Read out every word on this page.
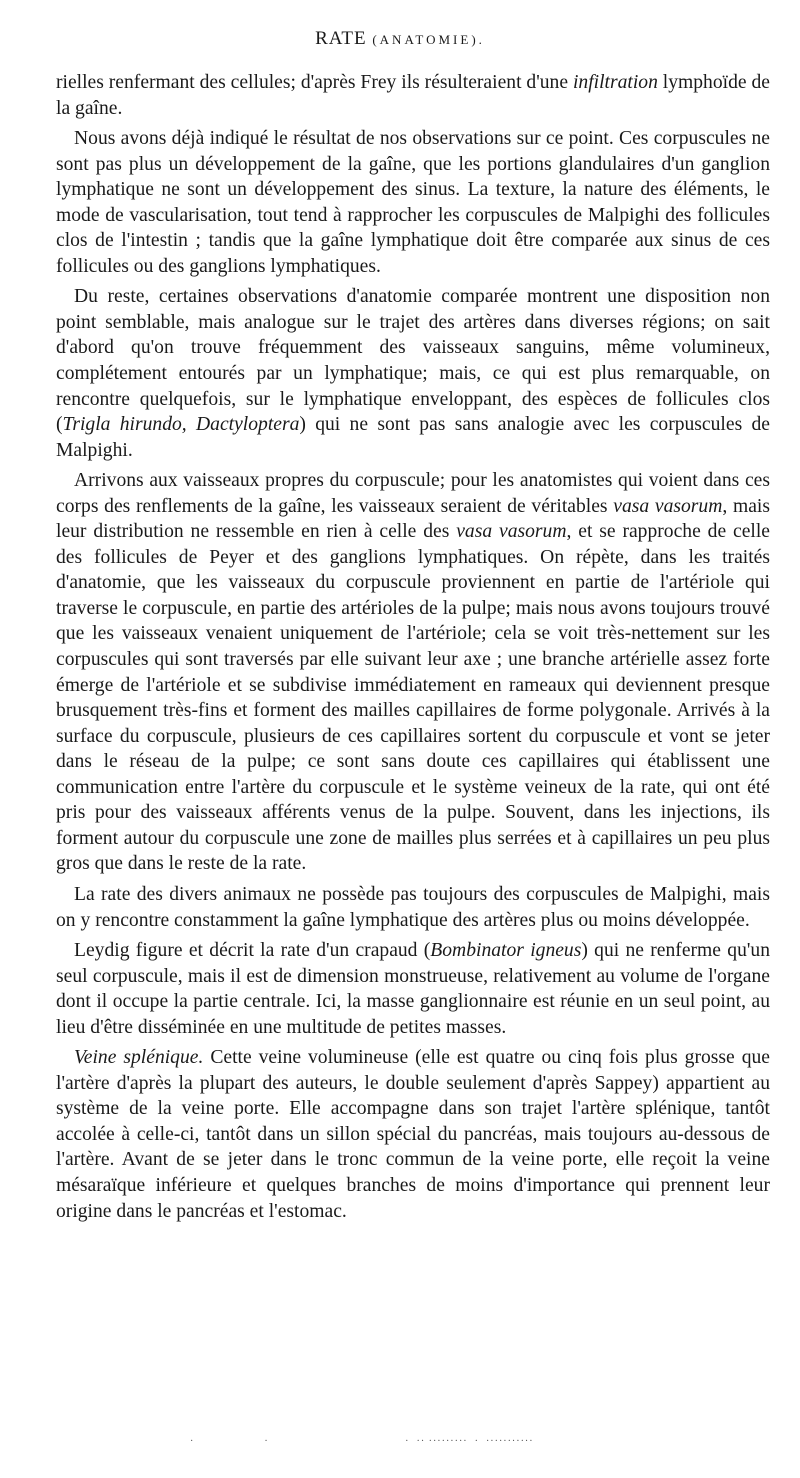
RATE (ANATOMIE).

rielles renfermant des cellules; d'après Frey ils résulteraient d'une infiltration lymphoïde de la gaîne.

Nous avons déjà indiqué le résultat de nos observations sur ce point. Ces corpuscules ne sont pas plus un développement de la gaîne, que les portions glandulaires d'un ganglion lymphatique ne sont un développement des sinus. La texture, la nature des éléments, le mode de vascularisation, tout tend à rapprocher les corpuscules de Malpighi des follicules clos de l'intestin ; tandis que la gaîne lymphatique doit être comparée aux sinus de ces follicules ou des ganglions lymphatiques.

Du reste, certaines observations d'anatomie comparée montrent une disposition non point semblable, mais analogue sur le trajet des artères dans diverses régions; on sait d'abord qu'on trouve fréquemment des vaisseaux sanguins, même volumineux, complétement entourés par un lymphatique; mais, ce qui est plus remarquable, on rencontre quelquefois, sur le lymphatique enveloppant, des espèces de follicules clos (Trigla hirundo, Dactyloptera) qui ne sont pas sans analogie avec les corpuscules de Malpighi.

Arrivons aux vaisseaux propres du corpuscule; pour les anatomistes qui voient dans ces corps des renflements de la gaîne, les vaisseaux seraient de véritables vasa vasorum, mais leur distribution ne ressemble en rien à celle des vasa vasorum, et se rapproche de celle des follicules de Peyer et des ganglions lymphatiques. On répète, dans les traités d'anatomie, que les vaisseaux du corpuscule proviennent en partie de l'artériole qui traverse le corpuscule, en partie des artérioles de la pulpe; mais nous avons toujours trouvé que les vaisseaux venaient uniquement de l'artériole; cela se voit très-nettement sur les corpuscules qui sont traversés par elle suivant leur axe ; une branche artérielle assez forte émerge de l'artériole et se subdivise immédiatement en rameaux qui deviennent presque brusquement très-fins et forment des mailles capillaires de forme polygonale. Arrivés à la surface du corpuscule, plusieurs de ces capillaires sortent du corpuscule et vont se jeter dans le réseau de la pulpe; ce sont sans doute ces capillaires qui établissent une communication entre l'artère du corpuscule et le système veineux de la rate, qui ont été pris pour des vaisseaux afférents venus de la pulpe. Souvent, dans les injections, ils forment autour du corpuscule une zone de mailles plus serrées et à capillaires un peu plus gros que dans le reste de la rate.

La rate des divers animaux ne possède pas toujours des corpuscules de Malpighi, mais on y rencontre constamment la gaîne lymphatique des artères plus ou moins développée.

Leydig figure et décrit la rate d'un crapaud (Bombinator igneus) qui ne renferme qu'un seul corpuscule, mais il est de dimension monstrueuse, relativement au volume de l'organe dont il occupe la partie centrale. Ici, la masse ganglionnaire est réunie en un seul point, au lieu d'être disséminée en une multitude de petites masses.

Veine splénique. Cette veine volumineuse (elle est quatre ou cinq fois plus grosse que l'artère d'après la plupart des auteurs, le double seulement d'après Sappey) appartient au système de la veine porte. Elle accompagne dans son trajet l'artère splénique, tantôt accolée à celle-ci, tantôt dans un sillon spécial du pancréas, mais toujours au-dessous de l'artère. Avant de se jeter dans le tronc commun de la veine porte, elle reçoit la veine mésaraïque inférieure et quelques branches de moins d'importance qui prennent leur origine dans le pancréas et l'estomac.

·                    ·                                       ·  ·· ·········  ·  ···········
